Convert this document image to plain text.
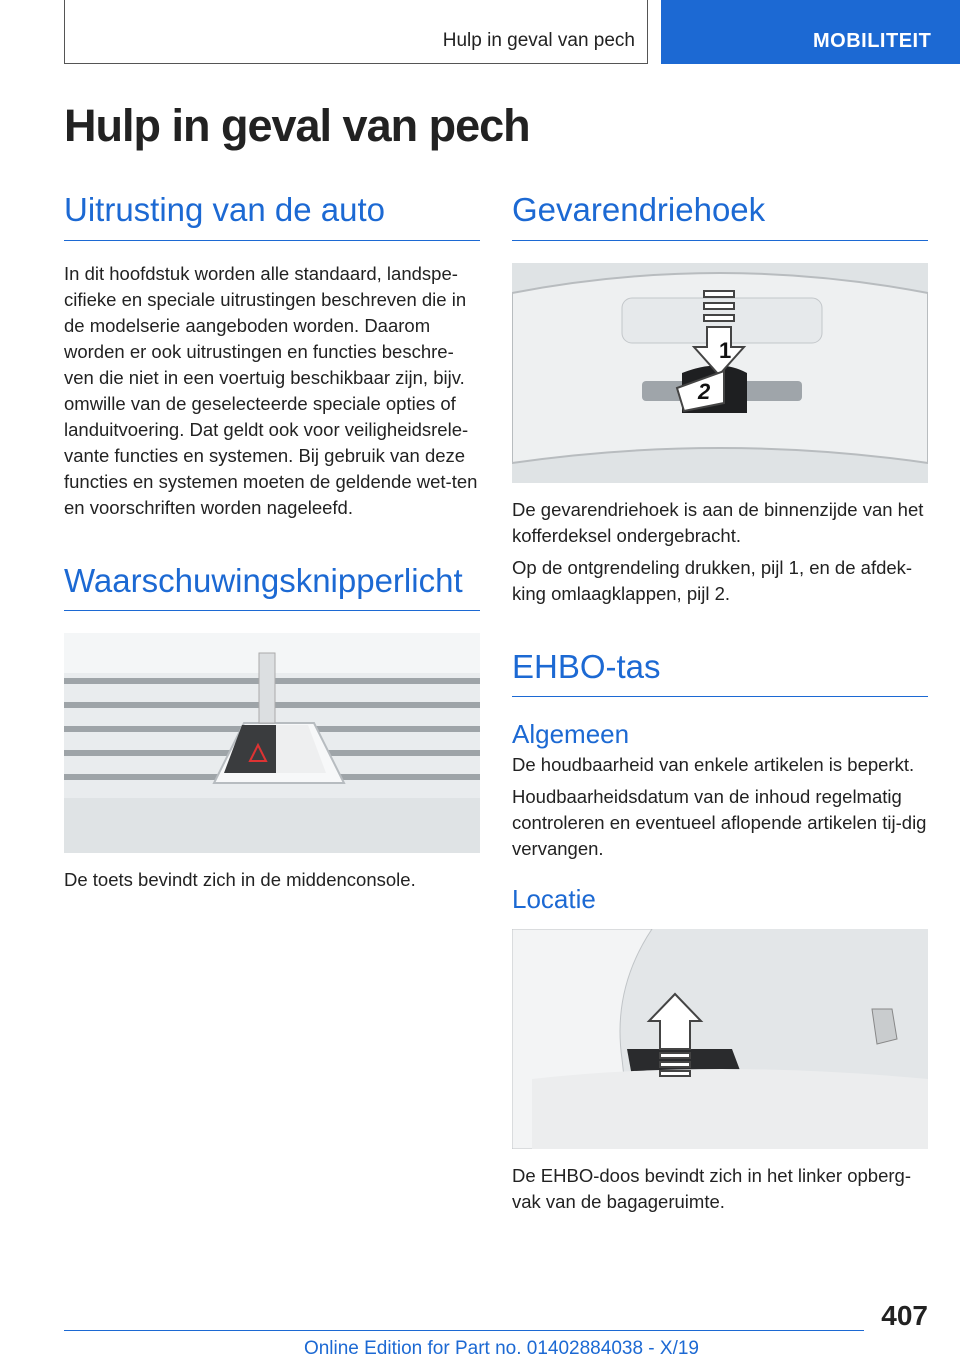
Hulp in geval van pech	MOBILITEIT
Hulp in geval van pech
Uitrusting van de auto

In dit hoofdstuk worden alle standaard, landspe-cifieke en speciale uitrustingen beschreven die in de modelserie aangeboden worden. Daarom worden er ook uitrustingen en functies beschre-ven die niet in een voertuig beschikbaar zijn, bijv. omwille van de geselecteerde speciale opties of landuitvoering. Dat geldt ook voor veiligheidsrele-vante functies en systemen. Bij gebruik van deze functies en systemen moeten de geldende wet-ten en voorschriften worden nageleefd.

Waarschuwingsknipperlicht

De toets bevindt zich in de middenconsole.

Gevarendriehoek
1
2

De gevarendriehoek is aan de binnenzijde van het kofferdeksel ondergebracht.

Op de ontgrendeling drukken, pijl 1, en de afdek-king omlaagklappen, pijl 2.

EHBO-tas
Algemeen

De houdbaarheid van enkele artikelen is beperkt.

Houdbaarheidsdatum van de inhoud regelmatig controleren en eventueel aflopende artikelen tij-dig vervangen.

Locatie

De EHBO-doos bevindt zich in het linker opberg-vak van de bagageruimte.

407
Online Edition for Part no. 01402884038 - X/19
